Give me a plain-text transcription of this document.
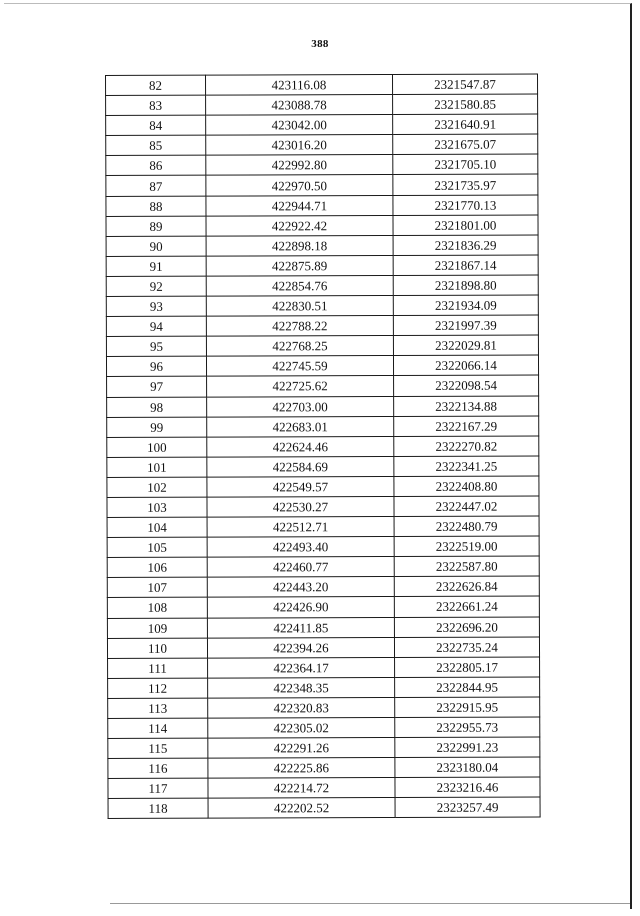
388
82	423116.08	2321547.87
83	423088.78	2321580.85
84	423042.00	2321640.91
85	423016.20	2321675.07
86	422992.80	2321705.10
87	422970.50	2321735.97
88	422944.71	2321770.13
89	422922.42	2321801.00
90	422898.18	2321836.29
91	422875.89	2321867.14
92	422854.76	2321898.80
93	422830.51	2321934.09
94	422788.22	2321997.39
95	422768.25	2322029.81
96	422745.59	2322066.14
97	422725.62	2322098.54
98	422703.00	2322134.88
99	422683.01	2322167.29
100	422624.46	2322270.82
101	422584.69	2322341.25
102	422549.57	2322408.80
103	422530.27	2322447.02
104	422512.71	2322480.79
105	422493.40	2322519.00
106	422460.77	2322587.80
107	422443.20	2322626.84
108	422426.90	2322661.24
109	422411.85	2322696.20
110	422394.26	2322735.24
111	422364.17	2322805.17
112	422348.35	2322844.95
113	422320.83	2322915.95
114	422305.02	2322955.73
115	422291.26	2322991.23
116	422225.86	2323180.04
117	422214.72	2323216.46
118	422202.52	2323257.49
